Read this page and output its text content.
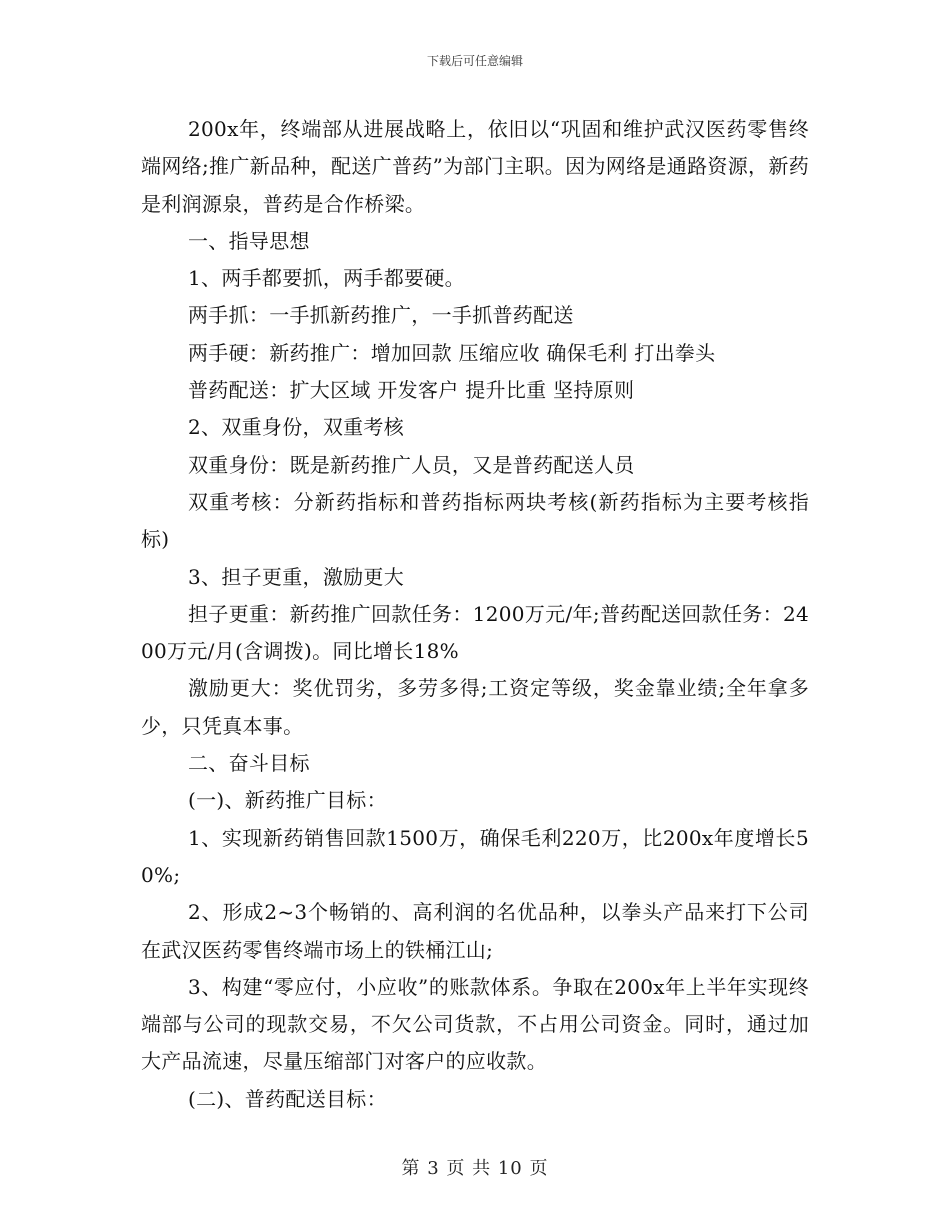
下载后可任意编辑

200x年，终端部从进展战略上，依旧以“巩固和维护武汉医药零售终端网络;推广新品种，配送广普药”为部门主职。因为网络是通路资源，新药是利润源泉，普药是合作桥梁。

一、指导思想

1、两手都要抓，两手都要硬。

两手抓：一手抓新药推广，一手抓普药配送

两手硬：新药推广：增加回款 压缩应收 确保毛利 打出拳头

普药配送：扩大区域 开发客户 提升比重 坚持原则

2、双重身份，双重考核

双重身份：既是新药推广人员，又是普药配送人员

双重考核：分新药指标和普药指标两块考核(新药指标为主要考核指标)

3、担子更重，激励更大

担子更重：新药推广回款任务：1200万元/年;普药配送回款任务：2400万元/月(含调拨)。同比增长18%

激励更大：奖优罚劣，多劳多得;工资定等级，奖金靠业绩;全年拿多少，只凭真本事。

二、奋斗目标

(一)、新药推广目标：

1、实现新药销售回款1500万，确保毛利220万，比200x年度增长50%;

2、形成2~3个畅销的、高利润的名优品种，以拳头产品来打下公司在武汉医药零售终端市场上的铁桶江山;

3、构建“零应付，小应收”的账款体系。争取在200x年上半年实现终端部与公司的现款交易，不欠公司货款，不占用公司资金。同时，通过加大产品流速，尽量压缩部门对客户的应收款。

(二)、普药配送目标：

第 3 页 共 10 页
